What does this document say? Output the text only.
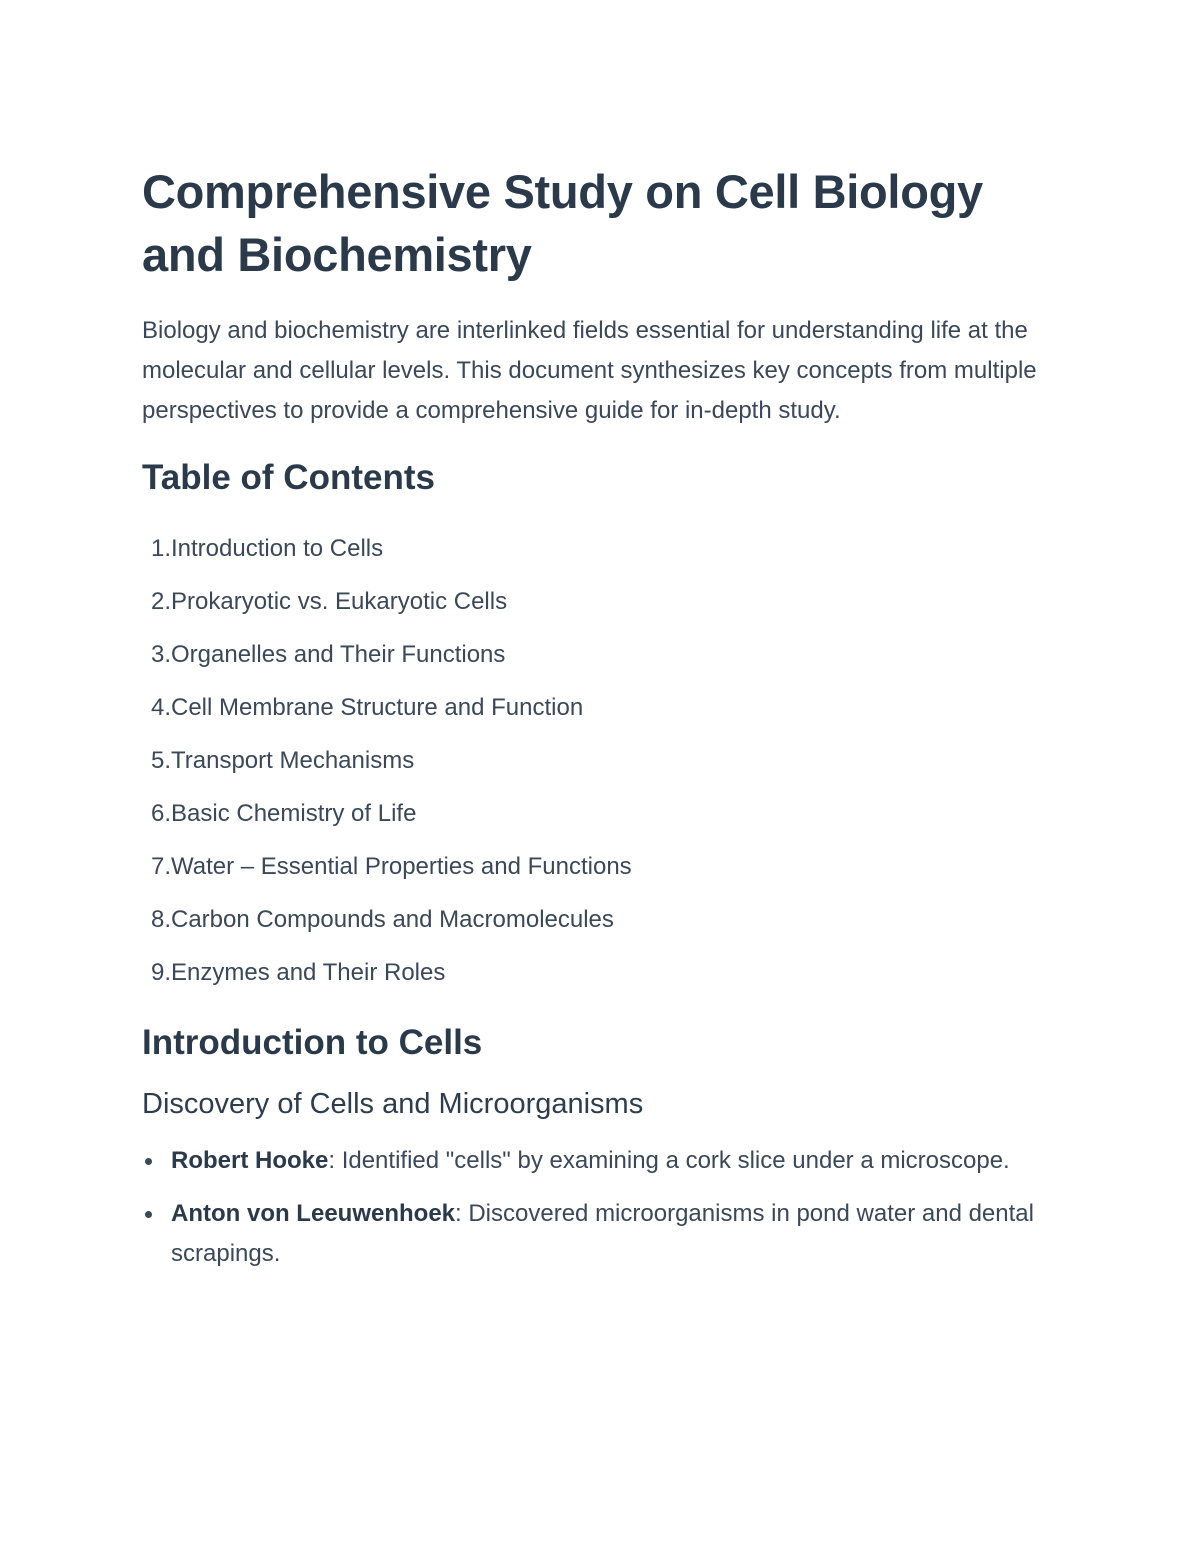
Comprehensive Study on Cell Biology and Biochemistry

Biology and biochemistry are interlinked fields essential for understanding life at the molecular and cellular levels. This document synthesizes key concepts from multiple perspectives to provide a comprehensive guide for in-depth study.

Table of Contents
1. Introduction to Cells
2. Prokaryotic vs. Eukaryotic Cells
3. Organelles and Their Functions
4. Cell Membrane Structure and Function
5. Transport Mechanisms
6. Basic Chemistry of Life
7. Water – Essential Properties and Functions
8. Carbon Compounds and Macromolecules
9. Enzymes and Their Roles
Introduction to Cells
Discovery of Cells and Microorganisms
Robert Hooke: Identified "cells" by examining a cork slice under a microscope.
Anton von Leeuwenhoek: Discovered microorganisms in pond water and dental scrapings.
